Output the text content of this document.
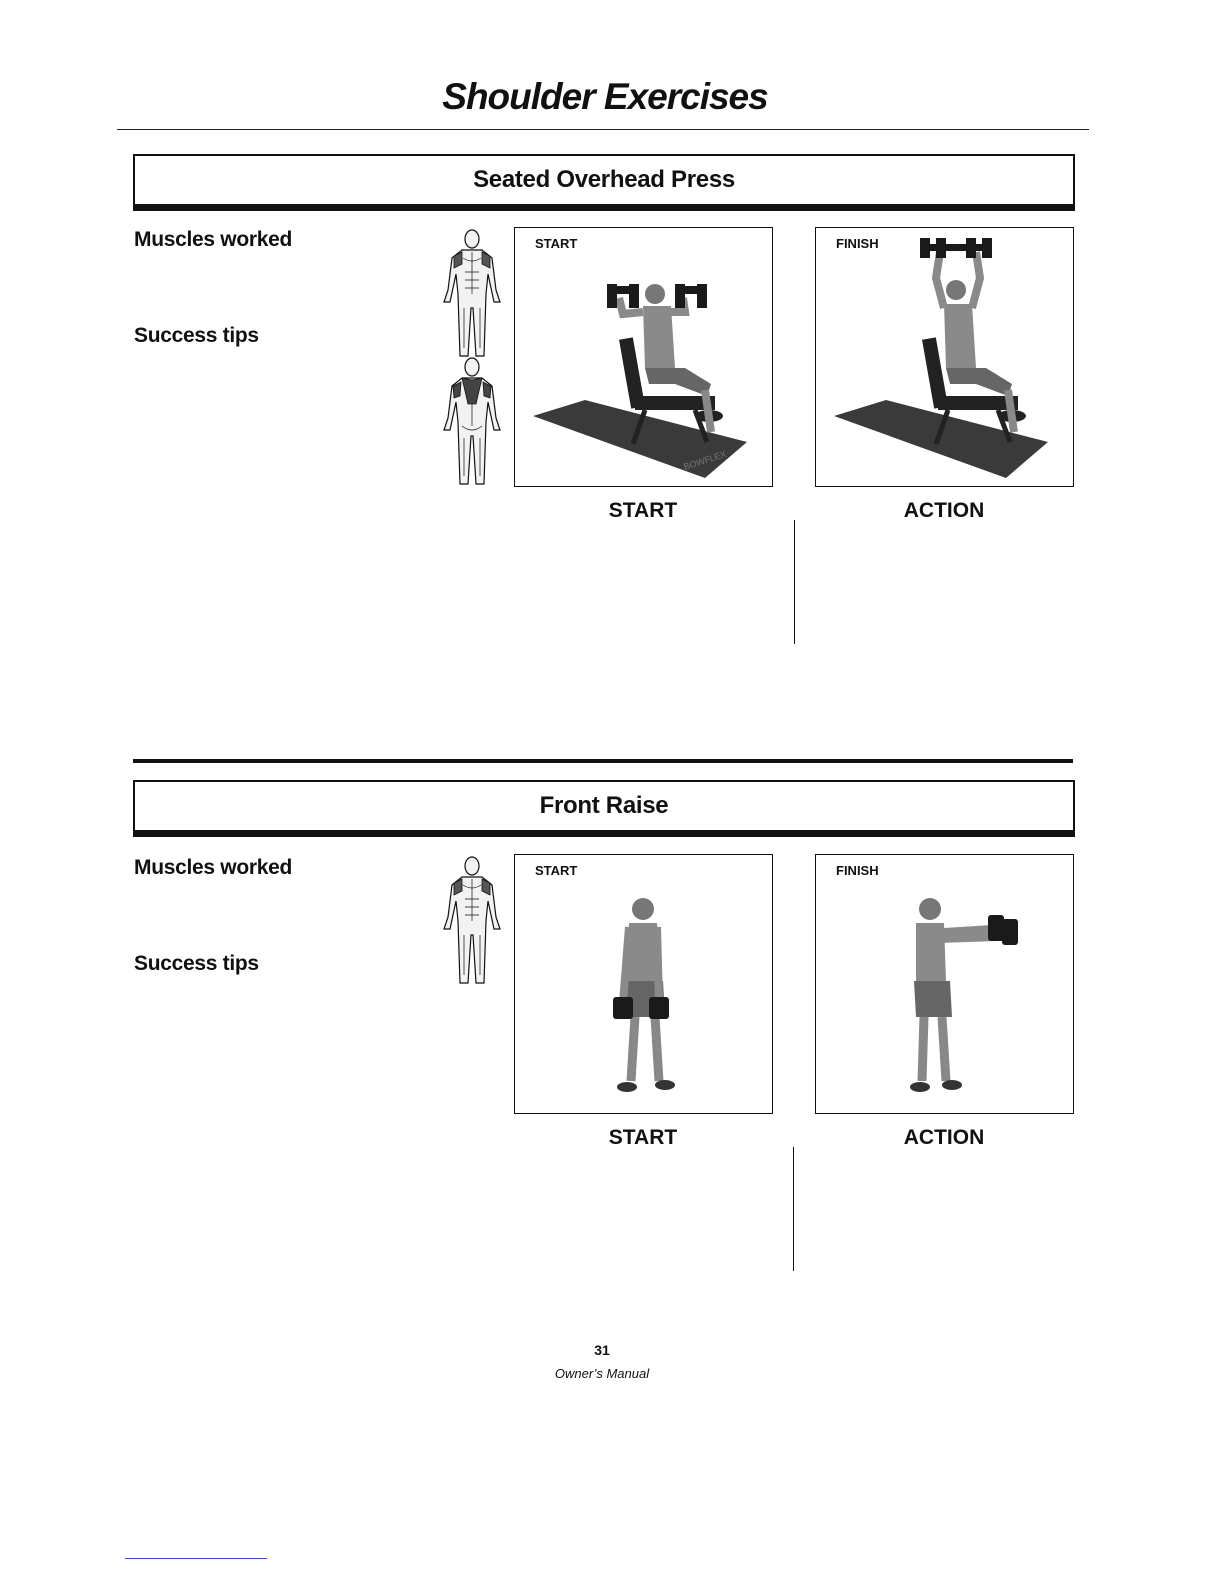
Shoulder Exercises
Seated Overhead Press
Muscles worked
Success tips
START
BOWFLEX
FINISH
START	ACTION
Front Raise
Muscles worked
Success tips
START	FINISH
START	ACTION
31
Owner’s Manual
